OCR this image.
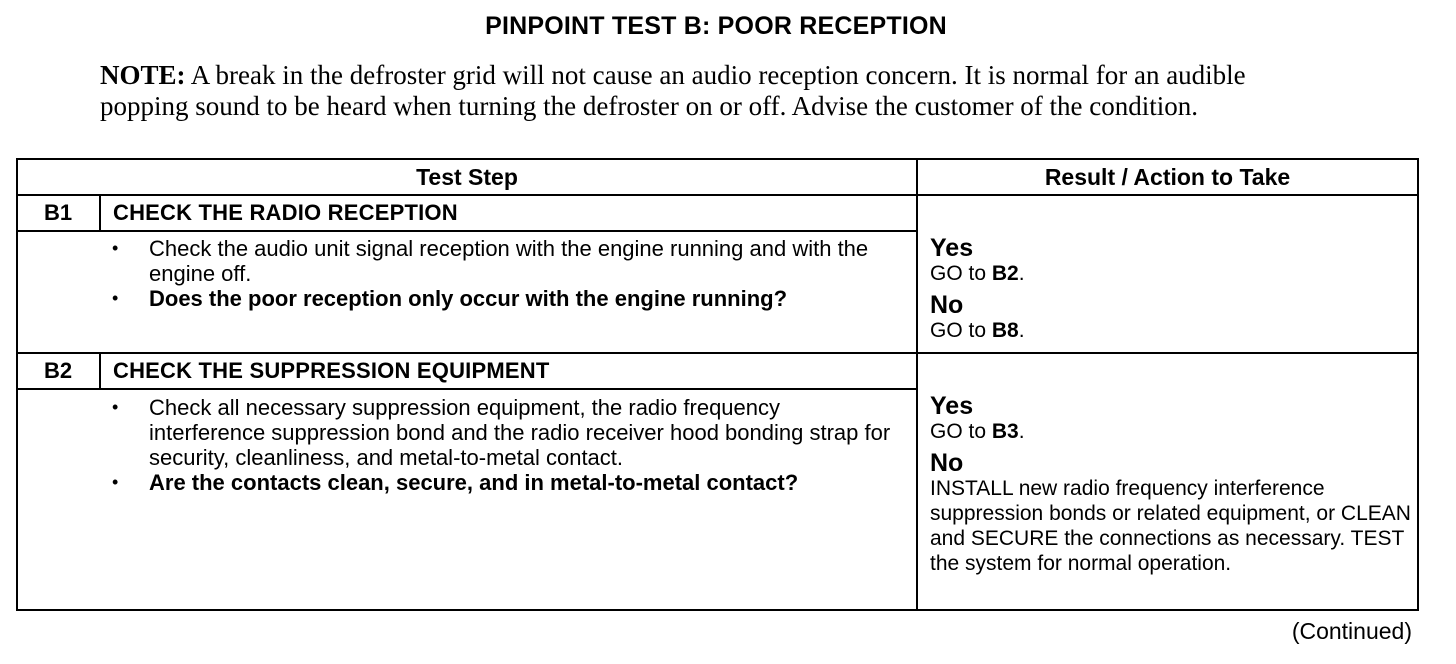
PINPOINT TEST B: POOR RECEPTION
NOTE: A break in the defroster grid will not cause an audio reception concern. It is normal for an audible popping sound to be heard when turning the defroster on or off. Advise the customer of the condition.
Test Step	Result / Action to Take
B1	CHECK THE RADIO RECEPTION
• Check the audio unit signal reception with the engine running and with the engine off.
• Does the poor reception only occur with the engine running?
Yes
GO to B2.
No
GO to B8.
B2	CHECK THE SUPPRESSION EQUIPMENT
• Check all necessary suppression equipment, the radio frequency interference suppression bond and the radio receiver hood bonding strap for security, cleanliness, and metal-to-metal contact.
• Are the contacts clean, secure, and in metal-to-metal contact?
Yes
GO to B3.
No
INSTALL new radio frequency interference suppression bonds or related equipment, or CLEAN and SECURE the connections as necessary. TEST the system for normal operation.
(Continued)
